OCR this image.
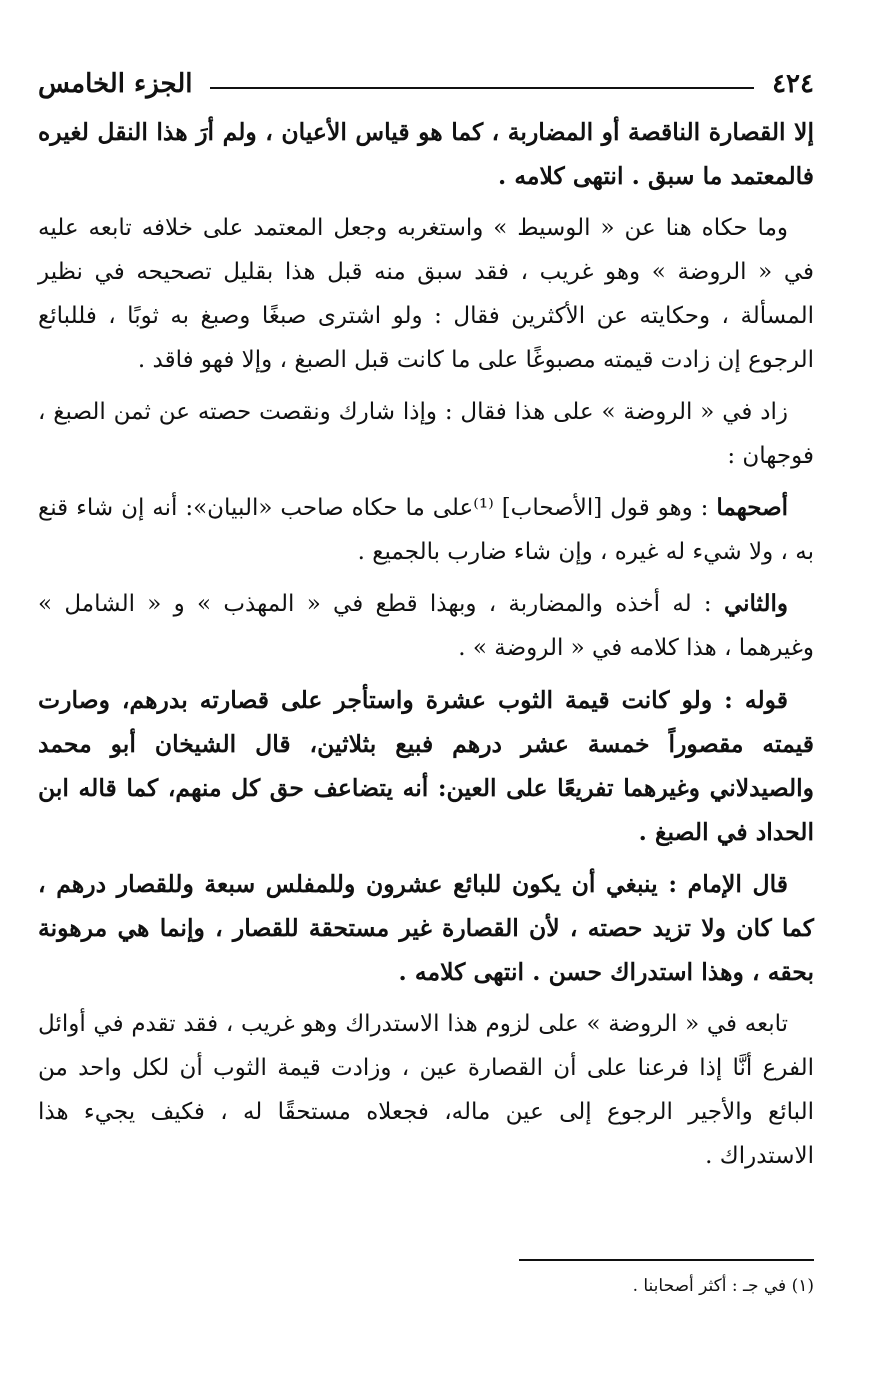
٤٢٤
الجزء الخامس

إلا القصارة الناقصة أو المضاربة ، كما هو قياس الأعيان ، ولم أرَ هذا النقل لغيره فالمعتمد ما سبق . انتهى كلامه .

وما حكاه هنا عن « الوسيط » واستغربه وجعل المعتمد على خلافه تابعه عليه في « الروضة » وهو غريب ، فقد سبق منه قبل هذا بقليل تصحيحه في نظير المسألة ، وحكايته عن الأكثرين فقال : ولو اشترى صبغًا وصبغ به ثوبًا ، فللبائع الرجوع إن زادت قيمته مصبوغًا على ما كانت قبل الصبغ ، وإلا فهو فاقد .

زاد في « الروضة » على هذا فقال : وإذا شارك ونقصت حصته عن ثمن الصبغ ، فوجهان :

أصحهما : وهو قول [الأصحاب] ⁽¹⁾على ما حكاه صاحب «البيان»: أنه إن شاء قنع به ، ولا شيء له غيره ، وإن شاء ضارب بالجميع .

والثاني : له أخذه والمضاربة ، وبهذا قطع في « المهذب » و « الشامل » وغيرهما ، هذا كلامه في « الروضة » .

قوله : ولو كانت قيمة الثوب عشرة واستأجر على قصارته بدرهم، وصارت قيمته مقصوراً خمسة عشر درهم فبيع بثلاثين، قال الشيخان أبو محمد والصيدلاني وغيرهما تفريعًا على العين: أنه يتضاعف حق كل منهم، كما قاله ابن الحداد في الصبغ .

قال الإمام : ينبغي أن يكون للبائع عشرون وللمفلس سبعة وللقصار درهم ، كما كان ولا تزيد حصته ، لأن القصارة غير مستحقة للقصار ، وإنما هي مرهونة بحقه ، وهذا استدراك حسن . انتهى كلامه .

تابعه في « الروضة » على لزوم هذا الاستدراك وهو غريب ، فقد تقدم في أوائل الفرع أنَّا إذا فرعنا على أن القصارة عين ، وزادت قيمة الثوب أن لكل واحد من البائع والأجير الرجوع إلى عين ماله، فجعلاه مستحقًا له ، فكيف يجيء هذا الاستدراك .

(١) في جـ : أكثر أصحابنا .
